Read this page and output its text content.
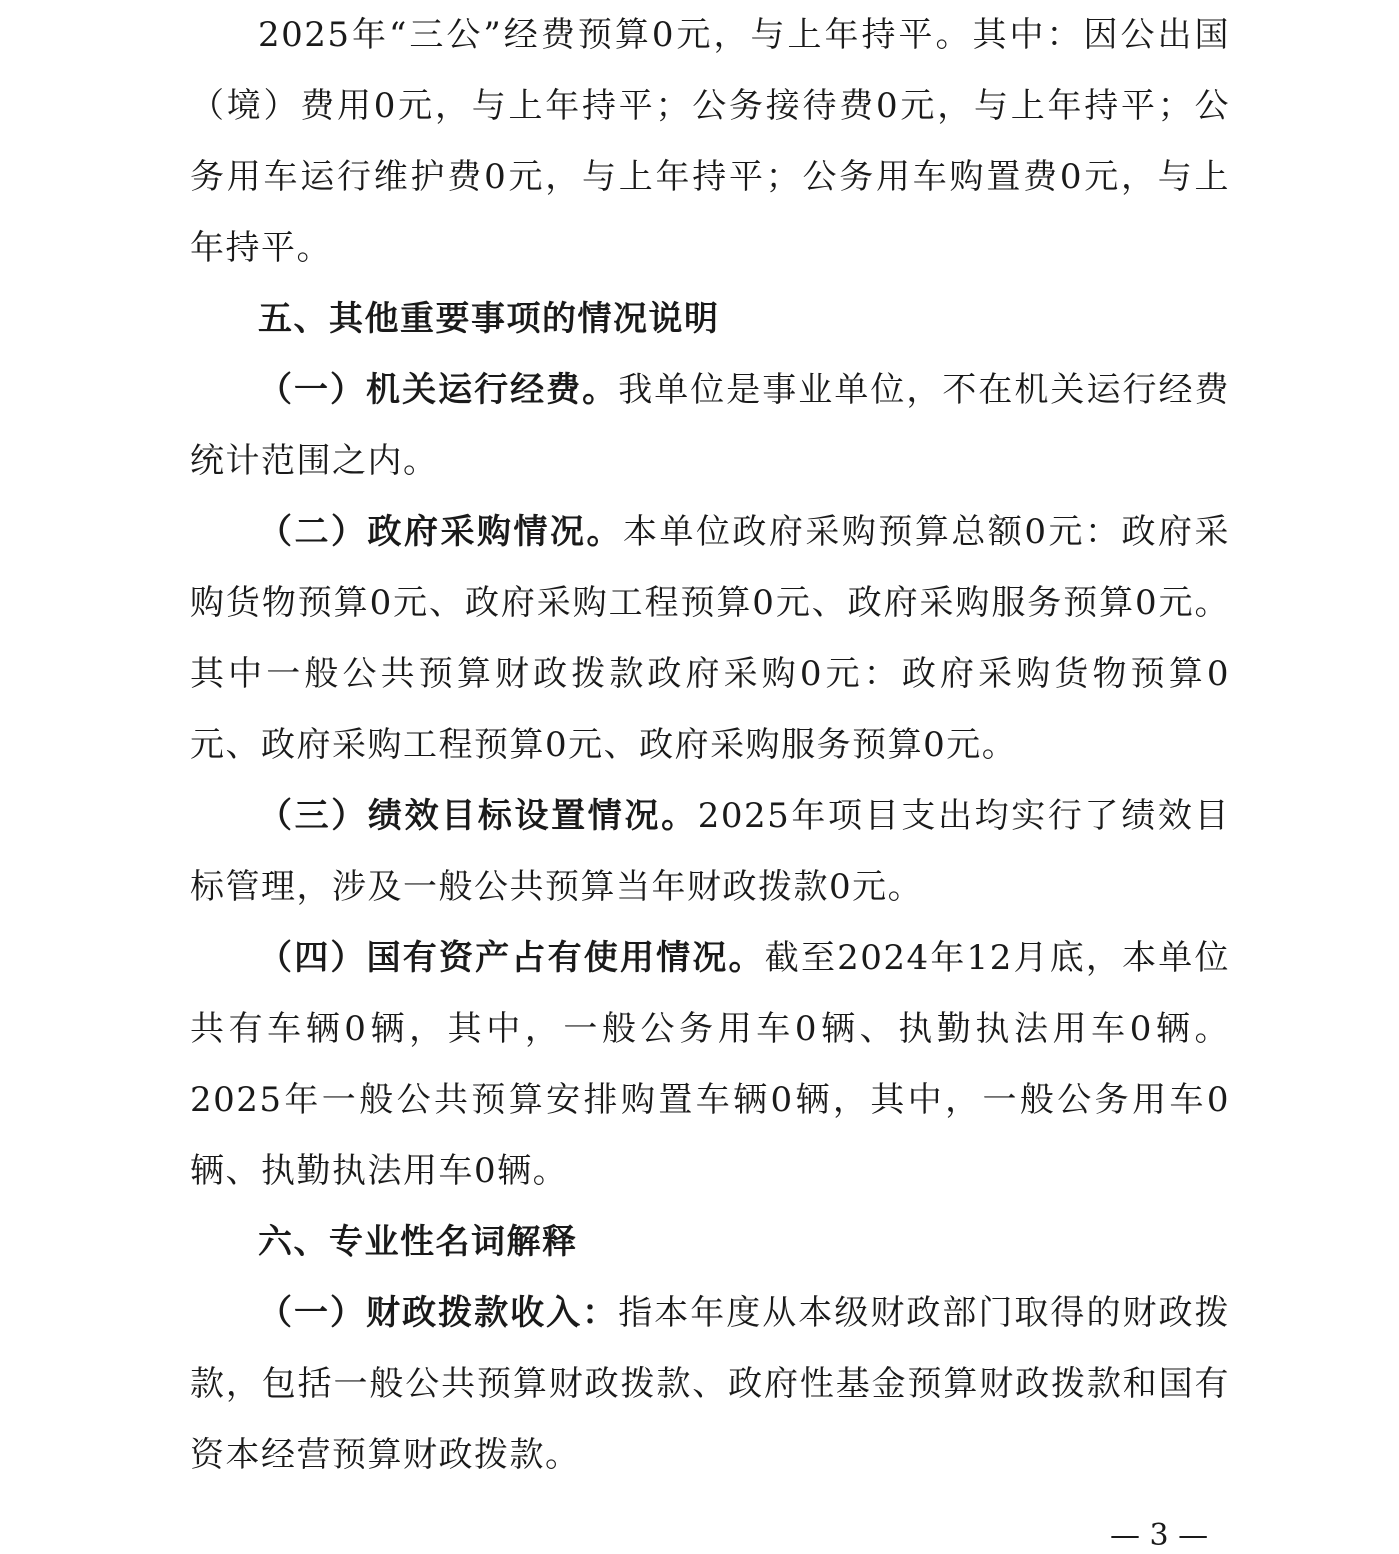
2025年“三公”经费预算0元，与上年持平。其中：因公出国（境）费用0元，与上年持平；公务接待费0元，与上年持平；公务用车运行维护费0元，与上年持平；公务用车购置费0元，与上年持平。

五、其他重要事项的情况说明

（一）机关运行经费。我单位是事业单位，不在机关运行经费统计范围之内。

（二）政府采购情况。本单位政府采购预算总额0元：政府采购货物预算0元、政府采购工程预算0元、政府采购服务预算0元。其中一般公共预算财政拨款政府采购0元：政府采购货物预算0元、政府采购工程预算0元、政府采购服务预算0元。

（三）绩效目标设置情况。2025年项目支出均实行了绩效目标管理，涉及一般公共预算当年财政拨款0元。

（四）国有资产占有使用情况。截至2024年12月底，本单位共有车辆0辆，其中，一般公务用车0辆、执勤执法用车0辆。2025年一般公共预算安排购置车辆0辆，其中，一般公务用车0辆、执勤执法用车0辆。

六、专业性名词解释

（一）财政拨款收入：指本年度从本级财政部门取得的财政拨款，包括一般公共预算财政拨款、政府性基金预算财政拨款和国有资本经营预算财政拨款。

— 3 —
